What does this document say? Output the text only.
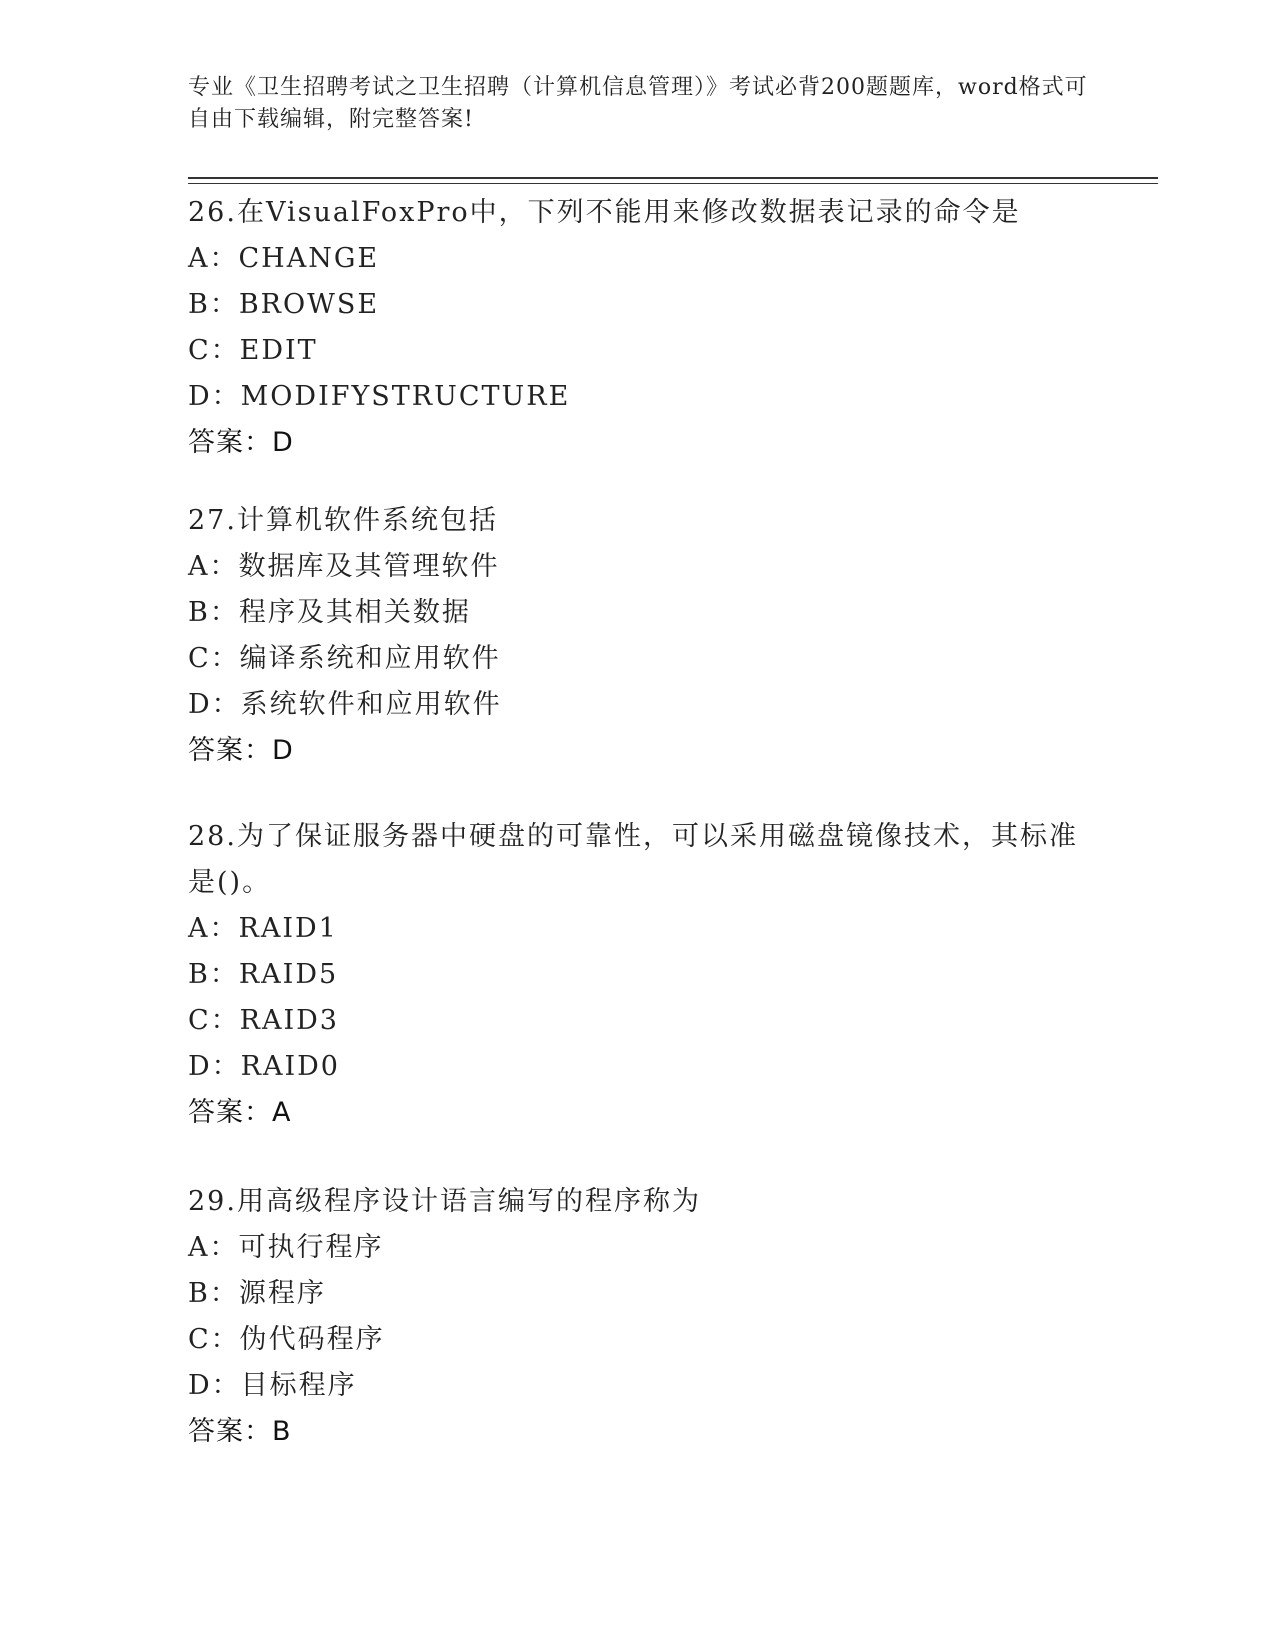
专业《卫生招聘考试之卫生招聘（计算机信息管理）》考试必背200题题库，word格式可自由下载编辑，附完整答案!
26.在VisualFoxPro中，下列不能用来修改数据表记录的命令是
A：CHANGE
B：BROWSE
C：EDIT
D：MODIFYSTRUCTURE
答案：D
27.计算机软件系统包括
A：数据库及其管理软件
B：程序及其相关数据
C：编译系统和应用软件
D：系统软件和应用软件
答案：D
28.为了保证服务器中硬盘的可靠性，可以采用磁盘镜像技术，其标准是()。
A：RAID1
B：RAID5
C：RAID3
D：RAID0
答案：A
29.用高级程序设计语言编写的程序称为
A：可执行程序
B：源程序
C：伪代码程序
D：目标程序
答案：B
